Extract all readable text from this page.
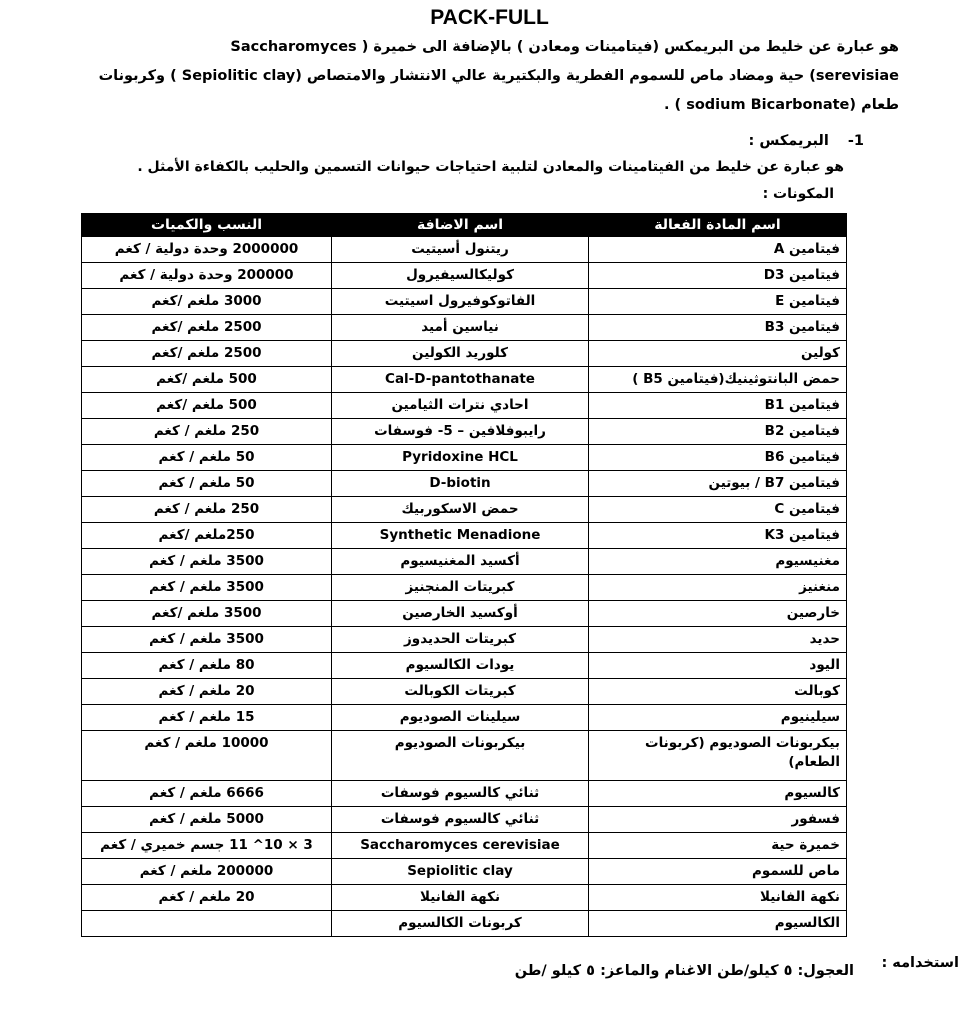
PACK-FULL
هو عبارة عن خليط من البريمكس (فيتامينات ومعادن ) بالإضافة الى خميرة ( Saccharomyces
serevisiae) حية ومضاد ماص للسموم الفطرية والبكتيرية عالي الانتشار والامتصاص (Sepiolitic clay ) وكربونات
طعام (sodium Bicarbonate ) .
-1 البريمكس :
هو عبارة عن خليط من الفيتامينات والمعادن لتلبية احتياجات حيوانات التسمين والحليب بالكفاءة الأمثل .
المكونات :
اسم المادة الفعالة	اسم الاضافة	النسب والكميات
فيتامين A	ريتنول أسيتيت	2000000 وحدة دولية / كغم
فيتامين D3	كوليكالسيفيرول	200000 وحدة دولية / كغم
فيتامين E	الفاتوكوفيرول اسيتيت	3000 ملغم /كغم
فيتامين B3	نياسين أميد	2500 ملغم /كغم
كولين	كلوريد الكولين	2500 ملغم /كغم
حمض البانتوثينيك(فيتامين B5 )	Cal-D-pantothanate	500 ملغم /كغم
فيتامين B1	احادي نترات الثيامين	500 ملغم /كغم
فيتامين B2	رايبوفلافين – 5- فوسفات	250 ملغم / كغم
فيتامين B6	Pyridoxine HCL	50 ملغم / كغم
فيتامين B7 / بيوتين	D-biotin	50 ملغم / كغم
فيتامين C	حمض الاسكوربيك	250 ملغم / كغم
فيتامين K3	Synthetic Menadione	250ملغم /كغم
مغنيسيوم	أكسيد المغنيسيوم	3500 ملغم / كغم
منغنيز	كبريتات المنجنيز	3500 ملغم / كغم
خارصين	أوكسيد الخارصين	3500 ملغم /كغم
حديد	كبريتات الحديدوز	3500 ملغم / كغم
اليود	يودات الكالسيوم	80 ملغم / كغم
كوبالت	كبريتات الكوبالت	20 ملغم / كغم
سيلينيوم	سيلينات الصوديوم	15 ملغم / كغم
بيكربونات الصوديوم (كربونات الطعام)	بيكربونات الصوديوم	10000 ملغم / كغم
كالسيوم	ثنائي كالسيوم فوسفات	6666 ملغم / كغم
فسفور	ثنائي كالسيوم فوسفات	5000 ملغم / كغم
خميرة حية	Saccharomyces cerevisiae	3 × 10^ 11 جسم خميري / كغم
ماص للسموم	Sepiolitic clay	200000 ملغم / كغم
نكهة الفانيلا	نكهة الفانيلا	20 ملغم / كغم
الكالسيوم	كربونات الكالسيوم	
استخدامه :
العجول: ٥ كيلو/طن الاغنام والماعز: ٥ كيلو /طن
